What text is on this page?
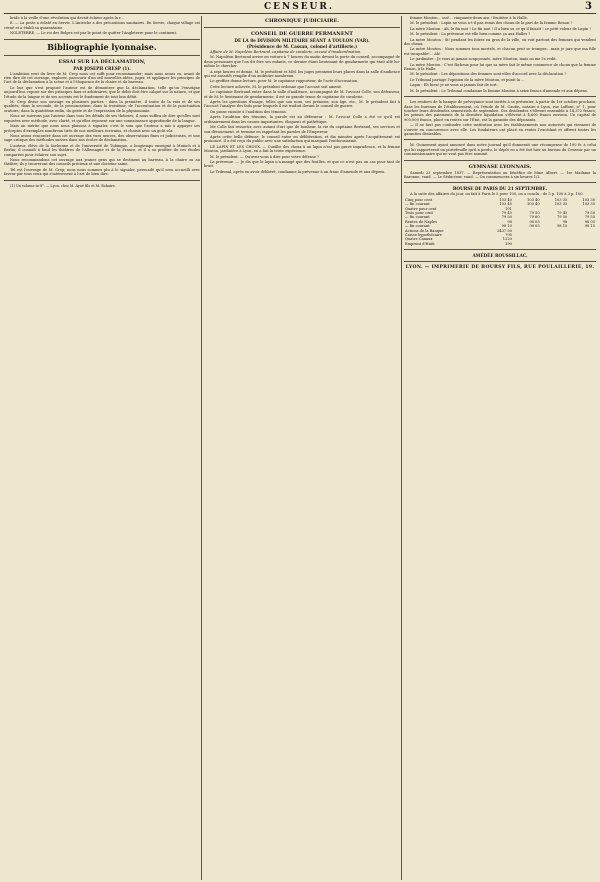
CENSEUR.	3

bride à la veille d'une révolution qui devait éclater après la r...

E. — La peste a éclaté en Servie. L'Autriche a des précautions sanitaires. En Servie, chaque village est cerné et a établi sa quarantaine.

NGLETERRE. — Le roi des Belges est par le point de quitter l'Angleterre pour le continent.

Bibliographie lyonnaise.
ESSAI SUR LA DÉCLAMATION,
PAR JOSEPH CRESP (1).

L'ambition veut du livre de M. Crep nous cet suffi pour recommander; mais nous avons vu, avant de rien dire de cet ouvrage, explorer, parcourir d'un œil nouvelles idées, juger, et appliquer les principes de l'art de la déclamation à la scène et à l'éloquence de la chaire et du barreau.

Le but que s'est proposé l'auteur est de démontrer que la déclamation, telle qu'on l'enseigne aujourd'hui, repose sur des principes faux et arbitraires; que le débit doit être calqué sur la nature, et que l'étude de la langue et de ses accents est le fondement de tout bon débit.

M. Crep divise son ouvrage en plusieurs parties : dans la première, il traite de la voix et de ses qualités; dans la seconde, de la prononciation; dans la troisième, de l'accentuation et de la ponctuation oratoire; dans la quatrième enfin, du geste et de l'expression de la physionomie.

Nous ne suivrons pas l'auteur dans tous les détails de ses théories; il nous suffira de dire qu'elles sont exposées avec méthode, avec clarté, et qu'elles reposent sur une connaissance approfondie de la langue.

Mais un mérite que nous nous plaisons à signaler, c'est le soin que l'auteur a mis à appuyer ses préceptes d'exemples nombreux tirés de nos meilleurs écrivains, et choisis avec un goût sûr.

Nous avons rencontré dans cet ouvrage des vues neuves, des observations fines et judicieuses, et une sage critique des méthodes suivies dans nos écoles de déclamation.

L'auteur, élève de la Sorbonne et de l'université de Tubingue, a longtemps enseigné à Munich et à Berlin; il connaît à fond les théâtres de l'Allemagne et de la France, et il a su profiter de ces études comparées pour éclairer son sujet.

Nous recommandons cet ouvrage aux jeunes gens qui se destinent au barreau, à la chaire ou au théâtre; ils y trouveront des conseils précieux et une doctrine saine.

Tel est l'ouvrage de M. Crep; nous nous sommes plu à le signaler, persuadé qu'il sera accueilli avec faveur par tous ceux qui s'intéressent à l'art de bien dire.

(1) Un volume in-8°. — Lyon, chez M. Ayné fils et M. Bohaire.

CHRONIQUE JUDICIAIRE.
CONSEIL DE GUERRE PERMANENT
DE LA 8e DIVISION MILITAIRE SÉANT A TOULON (VAR).
(Présidence de M. Cassan, colonel d'artillerie.)

Affaire de M. Napoléon Bertrand, capitaine de cavalerie, accusé d'insubordination.

M. Napoléon Bertrand arrive en voiture à 7 heures du matin devant la porte du conseil, accompagné de deux personnes que l'on dit être ses enfants, ce dernier étant lieutenant de gendarmerie qui était allé lui-même le chercher.

A sept heures et demie, M. le président et MM. les juges prennent leurs places dans la salle d'audience qui est aussitôt remplie d'un auditoire nombreux.

Le greffier donne lecture, pour M. le capitaine rapporteur, de l'acte d'accusation.

Cette lecture achevée, M. le président ordonne que l'accusé soit amené.

Le capitaine Bertrand entre dans la salle d'audience, accompagné de M. l'avocat Colle, son défenseur, et de M. le lieutenant de gendarmerie; il est en grande tenue de capitaine de cavalerie.

Après les questions d'usage, telles que son nom, ses prénoms, son âge, etc., M. le président fait à l'accusé l'analyse des faits pour lesquels il est traduit devant le conseil de guerre.

On passe ensuite à l'audition des témoins.

Après l'audition des témoins, la parole est au défenseur : M. l'avocat Colle a été ce qu'il est ordinairement dans les causes importantes, éloquent et pathétique.

Me Colle fait ressortir, avec autant d'art que de bonheur, la vie du capitaine Bertrand, ses services et son dévouement, et termine en rappelant les paroles de l'Empereur.

Après cette belle défense, le conseil entre en délibération, et dix minutes après l'acquittement est prononcé. Il a été reçu du public avec une satisfaction qui marquait l'enthousiasme.

LE LAPIN ET LES CHOUX. — Cueillir des choux à un lapin n'est pas grave imprudence, et la femme Mouton, jardinière à Lyon, en a fait la triste expérience.

M. le président. — Qu'avez-vous à dire pour votre défense ?

La prévenue. — Je dis que le lapin n'a mangé que des feuilles, et que ce n'est pas un cas pour tant de bruit.

Le Tribunal, après en avoir délibéré, condamne la prévenue à un franc d'amende et aux dépens.

femme Mouton... oui!... cinquante-deux ans ! fruitière à la Halle.

M. le président : Lapin ne vous a-t-il pas remis des choux de la part de la femme Renon ?

La mère Mouton : Ah, le fin mot ! Le fin mot ! Il a bien su ce qu'il faisait ! ce petit voleur de Lapin !

M. le président : La prévenue est-elle bien comme ça aux Halles ?

La mère Mouton : Si! pendant les foires en gros de la ville, on voit partout des femmes qui vendent des choux.

La mère Mouton : Nous sommes tous mortels, et chacun peut se tromper... mais je jure que ma fille est incapable!... Ah!

Le jardinière : Je vous ai jamais soupçonnée, mère Mouton; mais on me l'a redit.

La mère Mouton : C'est fâcheux pour lui que sa mère fait le même commerce de choux que la femme Renon, à la Halle.

M. le président : Les dépositions des femmes sont-elles d'accord avec la déclaration ?

Le Tribunal partage l'opinion de la mère Mouton, et punit la ...

Lapin : Eh bien! je ne vous ai jamais fait de tort.

M. le président : Le Tribunal condamne la femme Mouton à seize francs d'amende et aux dépens.

Les rentiers de la banque de prévoyance sont invités à se présenter, à partir du 1er octobre prochain, dans les bureaux de l'établissement, où l'étude de M. Cautin, notaire à Lyon, rue Laffont, n° 1, pour toucher leurs dividendes semestriels de septembre. Ces dividendes s'élèvent ensemble à 14,372 francs; les primes des paiements de la dernière liquidation s'élèvent à 4,600 francs environ. Un capital de 900,000 francs, placé en rentes sur l'État, est la garantie des déposants.

— Il ne faut pas confondre cette institution avec les établissements non autorisés qui viennent de s'ouvrir en concurrence avec elle. Les fondateurs ont placé en rentes l'excédant et offrent toutes les garanties désirables.

M. Guinement ayant annoncé dans notre journal qu'il donnerait une récompense de 100 fr. à celui qui lui rapporterait un portefeuille qu'il a perdu, le dépôt en a été fait hier au bureau du Censeur par un commissionnaire qui ne veut pas être nommé.

GYMNASE LYONNAIS.

Samedi 23 septembre 1837. — Représentation au bénéfice de Mme Albert. — 1re Madame la Baronne, vaud. — Le Séducteur, vaud. — On commencera à six heures 1/2.

BOURSE DE PARIS DU 21 SEPTEMBRE.

A la suite des affaires du jour, on fait à Paris le 5 pour 100, on a conclu : de 5 p. 100 à 3 p. 100.

Cinq pour cent	103 40	103 40	103 35	103 30
— fin courant	103 45	103 40	103 35	103 35
Quatre pour cent	101			
Trois pour cent	79 45	79 50	79 45	79 50
— fin courant	79 50	79 60	79 50	79 55
Rentes de Naples	98	98 05	98	98 05
— fin courant	98 10	98 05	98 10	98 15
Actions de la Banque	2437 50			
Caisse hypothécaire	795			
Quatre Canaux	1220			
Emprunt d'Haïti	290			
AMÉDÉE ROUSSILLAC.

LYON. — IMPRIMERIE DE BOURSY FILS, RUE POULAILLERIE, 19.
